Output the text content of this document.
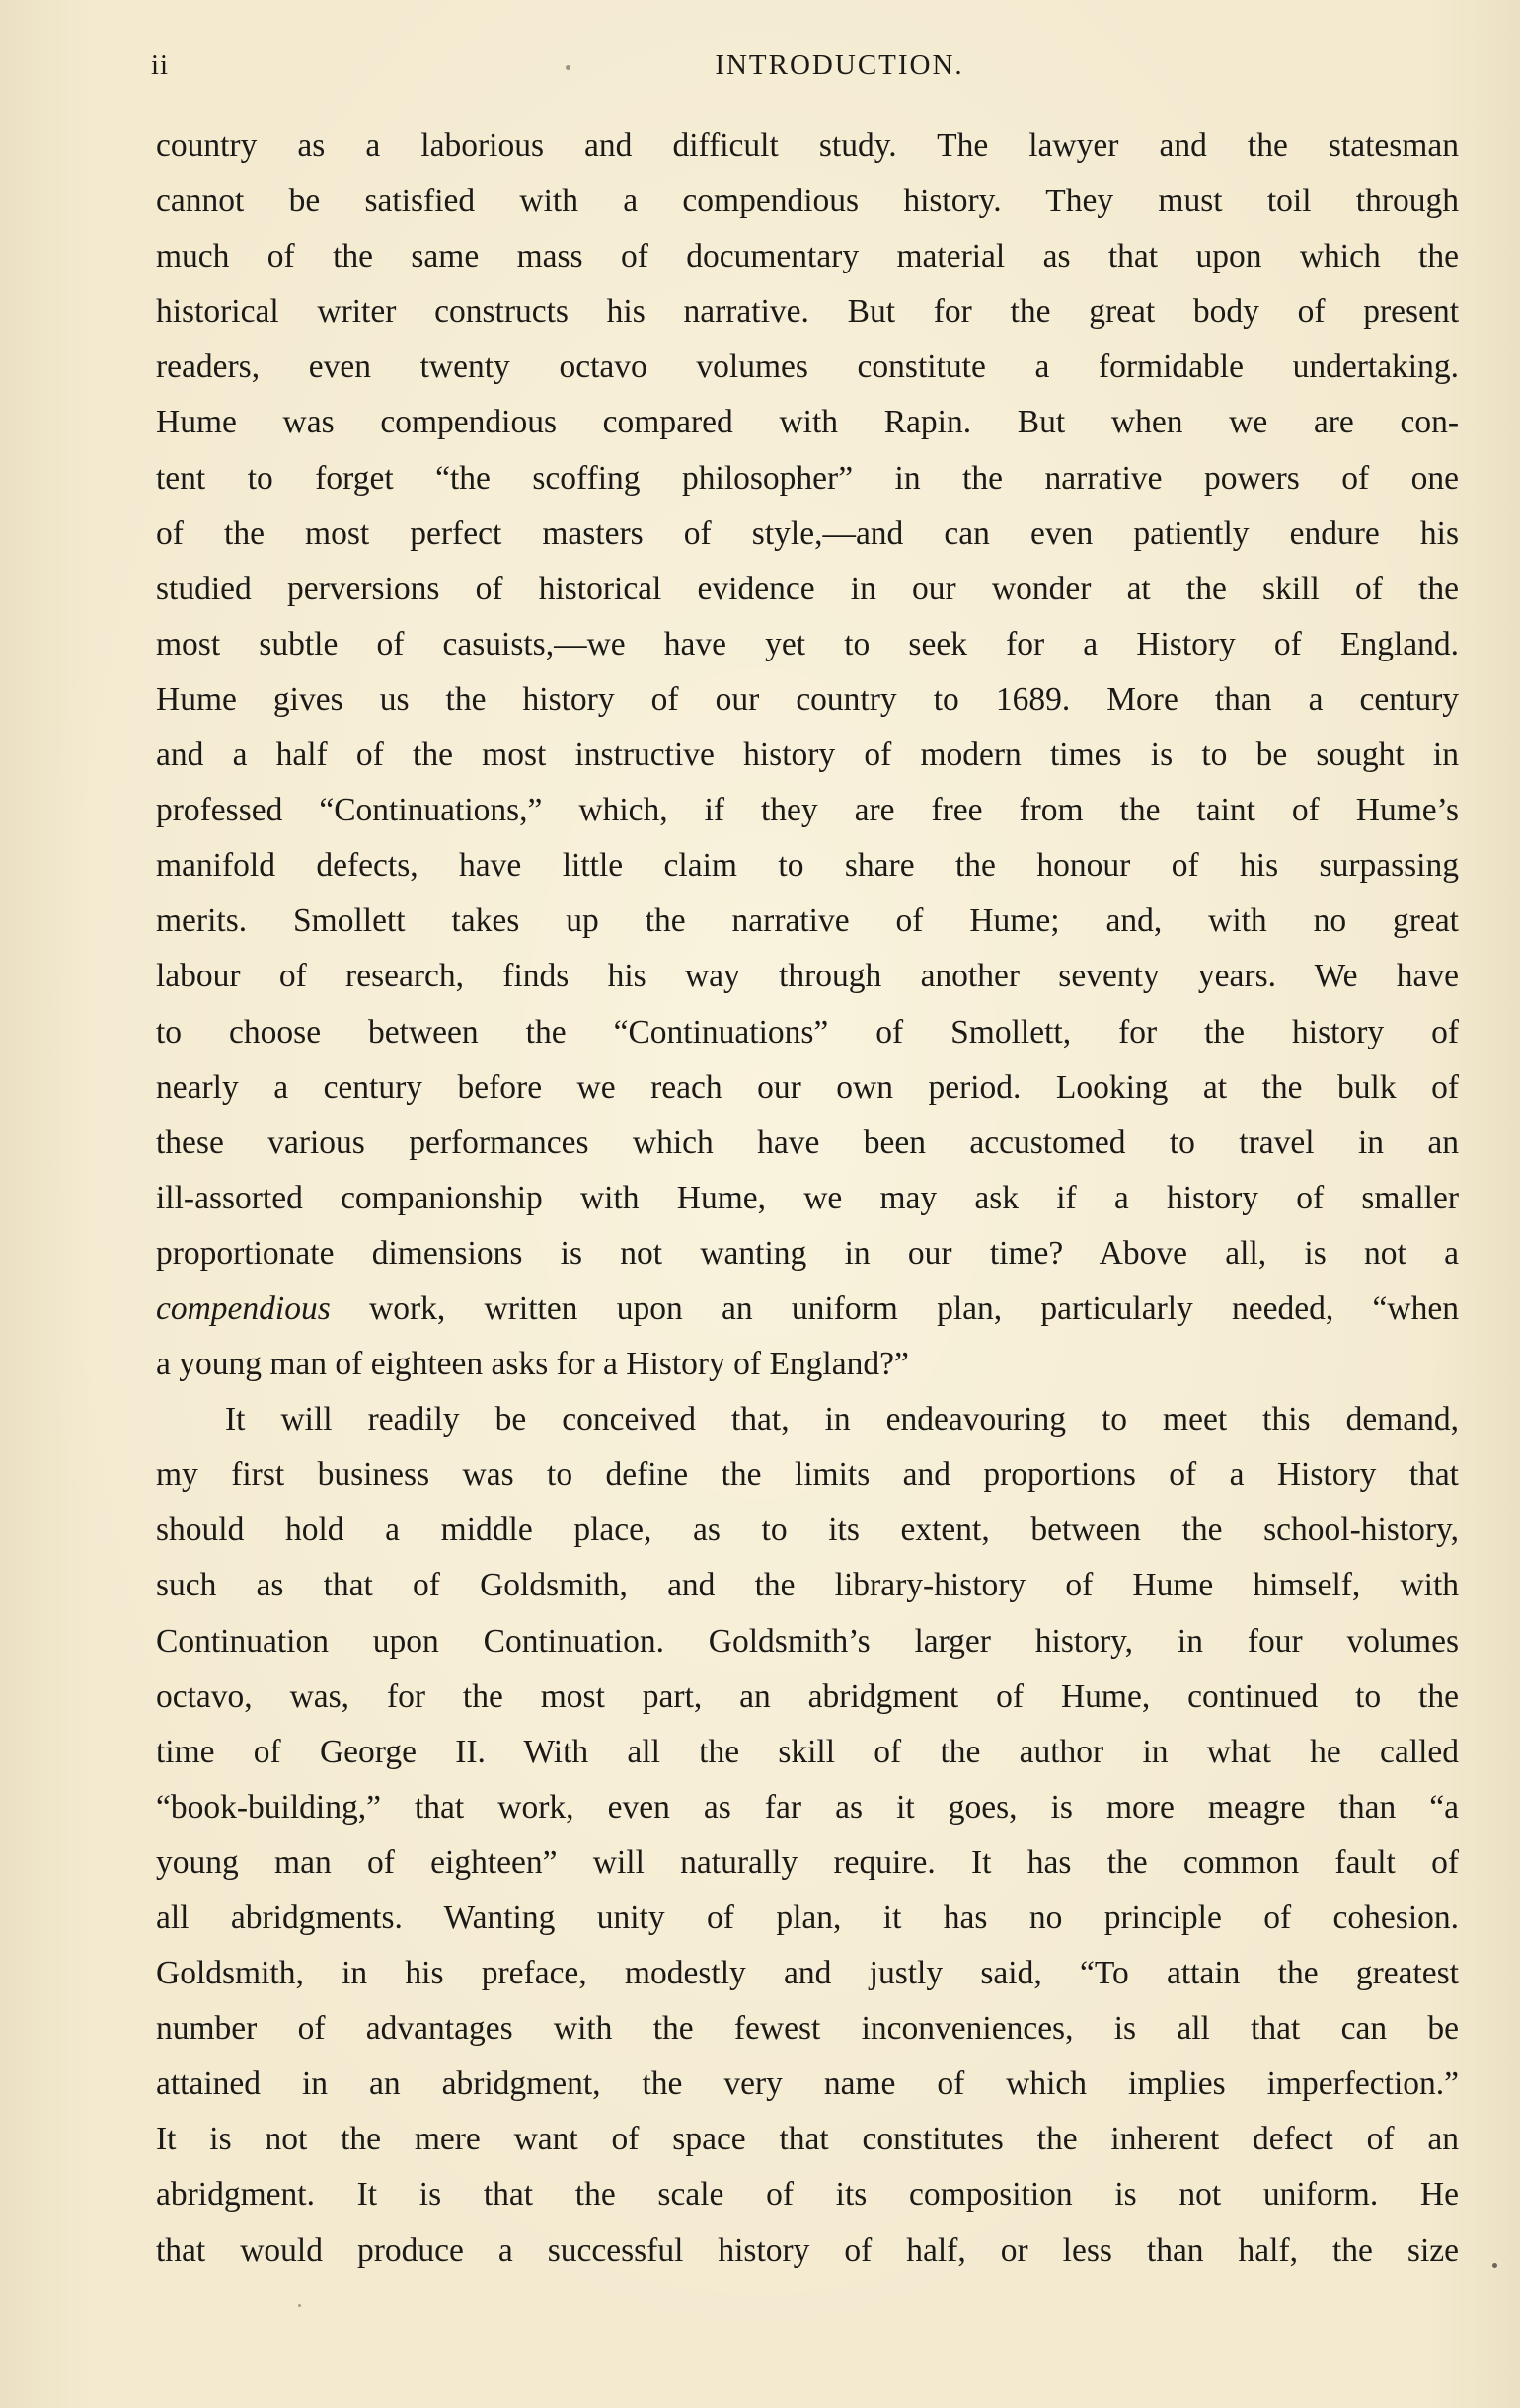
ii	INTRODUCTION.
country as a laborious and difficult study. The lawyer and the statesman
cannot be satisfied with a compendious history. They must toil through
much of the same mass of documentary material as that upon which the
historical writer constructs his narrative. But for the great body of present
readers, even twenty octavo volumes constitute a formidable undertaking.
Hume was compendious compared with Rapin. But when we are con-
tent to forget “the scoffing philosopher” in the narrative powers of one
of the most perfect masters of style,—and can even patiently endure his
studied perversions of historical evidence in our wonder at the skill of the
most subtle of casuists,—we have yet to seek for a History of England.
Hume gives us the history of our country to 1689. More than a century
and a half of the most instructive history of modern times is to be sought in
professed “Continuations,” which, if they are free from the taint of Hume’s
manifold defects, have little claim to share the honour of his surpassing
merits. Smollett takes up the narrative of Hume; and, with no great
labour of research, finds his way through another seventy years. We have
to choose between the “Continuations” of Smollett, for the history of
nearly a century before we reach our own period. Looking at the bulk of
these various performances which have been accustomed to travel in an
ill-assorted companionship with Hume, we may ask if a history of smaller
proportionate dimensions is not wanting in our time? Above all, is not a
compendious work, written upon an uniform plan, particularly needed, “when
a young man of eighteen asks for a History of England?”
It will readily be conceived that, in endeavouring to meet this demand,
my first business was to define the limits and proportions of a History that
should hold a middle place, as to its extent, between the school-history,
such as that of Goldsmith, and the library-history of Hume himself, with
Continuation upon Continuation. Goldsmith’s larger history, in four volumes
octavo, was, for the most part, an abridgment of Hume, continued to the
time of George II. With all the skill of the author in what he called
“book-building,” that work, even as far as it goes, is more meagre than “a
young man of eighteen” will naturally require. It has the common fault of
all abridgments. Wanting unity of plan, it has no principle of cohesion.
Goldsmith, in his preface, modestly and justly said, “To attain the greatest
number of advantages with the fewest inconveniences, is all that can be
attained in an abridgment, the very name of which implies imperfection.”
It is not the mere want of space that constitutes the inherent defect of an
abridgment. It is that the scale of its composition is not uniform. He
that would produce a successful history of half, or less than half, the size
